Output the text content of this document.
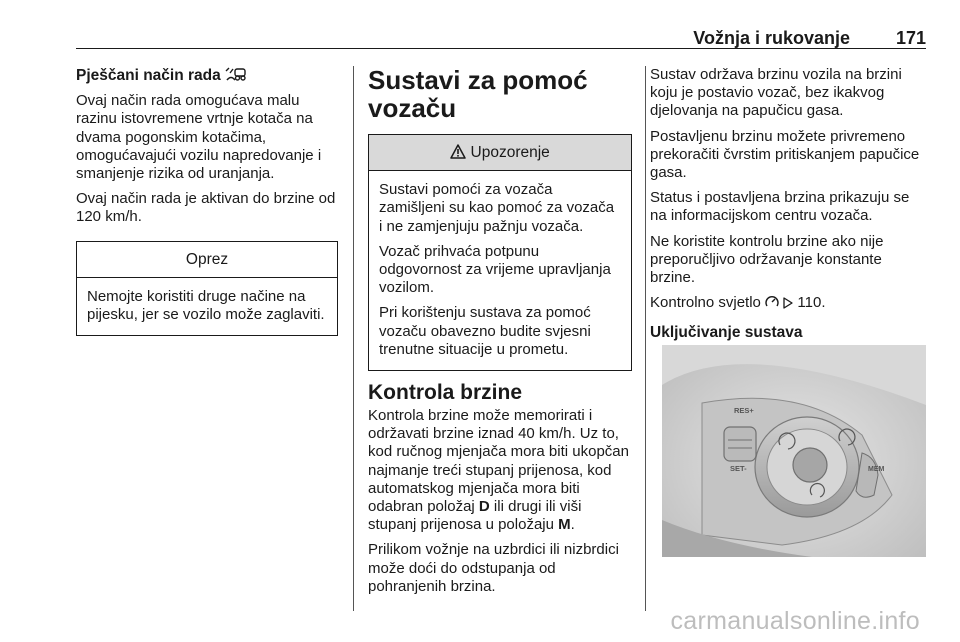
Vožnja i rukovanje	171
Pješčani način rada

Ovaj način rada omogućava malu razinu istovremene vrtnje kotača na dvama pogonskim kotačima, omogućavajući vozilu napredovanje i smanjenje rizika od uranjanja.

Ovaj način rada je aktivan do brzine od 120 km/h.

Oprez

Nemojte koristiti druge načine na pijesku, jer se vozilo može zaglaviti.

Sustavi za pomoć vozaču
Upozorenje

Sustavi pomoći za vozača zamišljeni su kao pomoć za vozača i ne zamjenjuju pažnju vozača.

Vozač prihvaća potpunu odgovornost za vrijeme upravljanja vozilom.

Pri korištenju sustava za pomoć vozaču obavezno budite svjesni trenutne situacije u prometu.

Kontrola brzine

Kontrola brzine može memorirati i održavati brzine iznad 40 km/h. Uz to, kod ručnog mjenjača mora biti ukopčan najmanje treći stupanj prijenosa, kod automatskog mjenjača mora biti odabran položaj D ili drugi ili viši stupanj prijenosa u položaju M.

Prilikom vožnje na uzbrdici ili nizbrdici može doći do odstupanja od pohranjenih brzina.

Sustav održava brzinu vozila na brzini koju je postavio vozač, bez ikakvog djelovanja na papučicu gasa.

Postavljenu brzinu možete privremeno prekoračiti čvrstim pritiskanjem papučice gasa.

Status i postavljena brzina prikazuju se na informacijskom centru vozača.

Ne koristite kontrolu brzine ako nije preporučljivo održavanje konstante brzine.

Kontrolno svjetlo 110.

Uključivanje sustava
RES+
SET-	MEM
carmanualsonline.info
